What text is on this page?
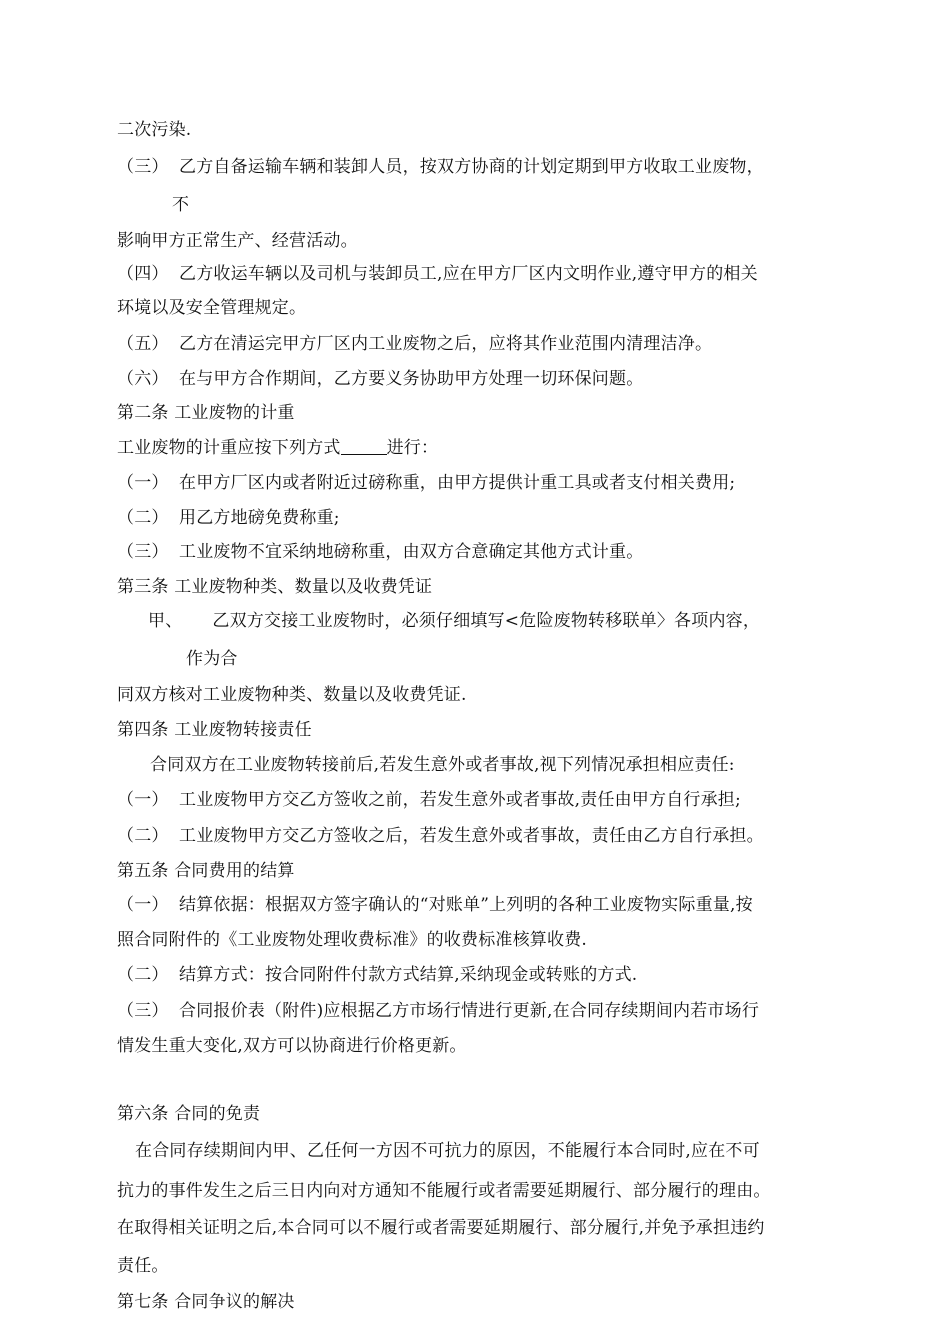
二次污染.
（三） 乙方自备运输车辆和装卸人员，按双方协商的计划定期到甲方收取工业废物，
不
影响甲方正常生产、经营活动。
（四） 乙方收运车辆以及司机与装卸员工,应在甲方厂区内文明作业,遵守甲方的相关
环境以及安全管理规定。
（五） 乙方在清运完甲方厂区内工业废物之后，应将其作业范围内清理洁净。
（六） 在与甲方合作期间，乙方要义务协助甲方处理一切环保问题。
第二条 工业废物的计重
工业废物的计重应按下列方式	进行：
（一） 在甲方厂区内或者附近过磅称重，由甲方提供计重工具或者支付相关费用;
（二） 用乙方地磅免费称重;
（三） 工业废物不宜采纳地磅称重，由双方合意确定其他方式计重。
第三条 工业废物种类、数量以及收费凭证
甲、 乙双方交接工业废物时，必须仔细填写<危险废物转移联单〉各项内容，
作为合
同双方核对工业废物种类、数量以及收费凭证.
第四条 工业废物转接责任
合同双方在工业废物转接前后,若发生意外或者事故,视下列情况承担相应责任:
（一） 工业废物甲方交乙方签收之前，若发生意外或者事故,责任由甲方自行承担;
（二） 工业废物甲方交乙方签收之后，若发生意外或者事故，责任由乙方自行承担。
第五条 合同费用的结算
（一） 结算依据：根据双方签字确认的“对账单”上列明的各种工业废物实际重量,按
照合同附件的《工业废物处理收费标准》的收费标准核算收费.
（二） 结算方式：按合同附件付款方式结算,采纳现金或转账的方式.
（三） 合同报价表（附件)应根据乙方市场行情进行更新,在合同存续期间内若市场行
情发生重大变化,双方可以协商进行价格更新。
第六条 合同的免责
在合同存续期间内甲、乙任何一方因不可抗力的原因，不能履行本合同时,应在不可
抗力的事件发生之后三日内向对方通知不能履行或者需要延期履行、部分履行的理由。
在取得相关证明之后,本合同可以不履行或者需要延期履行、部分履行,并免予承担违约
责任。
第七条 合同争议的解决
